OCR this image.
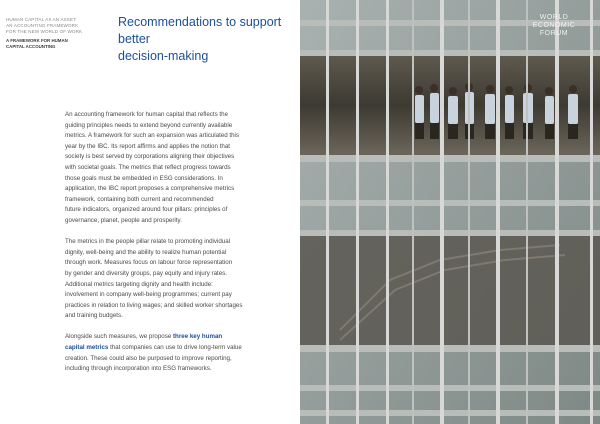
HUMAN CAPITAL AS AN ASSET:
AN ACCOUNTING FRAMEWORK
FOR THE NEW WORLD OF WORK
A FRAMEWORK FOR HUMAN
CAPITAL ACCOUNTING
Recommendations to support better
decision-making

An accounting framework for human capital that reflects the
guiding principles needs to extend beyond currently available
metrics. A framework for such an expansion was articulated this
year by the IBC. Its report affirms and applies the notion that
society is best served by corporations aligning their objectives
with societal goals. The metrics that reflect progress towards
those goals must be embedded in ESG considerations. In
application, the IBC report proposes a comprehensive metrics
framework, containing both current and recommended
future indicators, organized around four pillars: principles of
governance, planet, people and prosperity.

The metrics in the people pillar relate to promoting individual
dignity, well-being and the ability to realize human potential
through work. Measures focus on labour force representation
by gender and diversity groups, pay equity and injury rates.
Additional metrics targeting dignity and health include:
involvement in company well-being programmes; current pay
practices in relation to living wages; and skilled worker shortages
and training budgets.

Alongside such measures, we propose three key human
capital metrics that companies can use to drive long-term value
creation. These could also be purposed to improve reporting,
including through incorporation into ESG frameworks.

WORLD
ECONOMIC
FORUM
